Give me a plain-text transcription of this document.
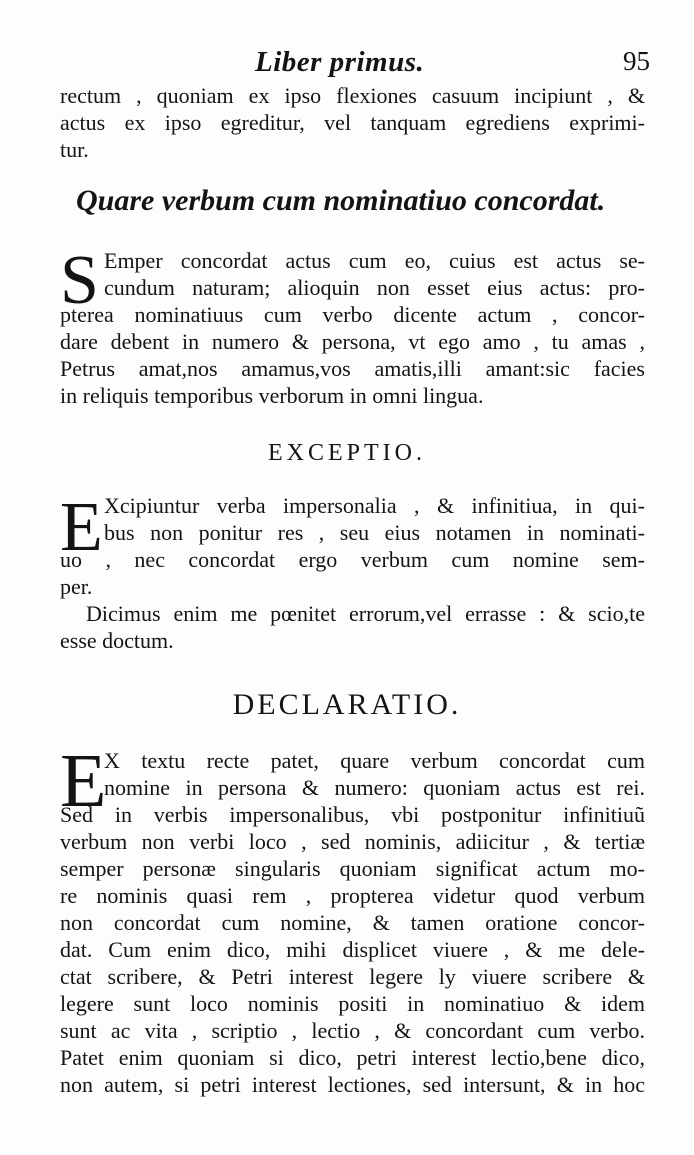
Liber primus.	95
rectum , quoniam ex ipso flexiones casuum incipiunt , &
actus ex ipso egreditur, vel tanquam egrediens exprimi-
tur.
Quare verbum cum nominatiuo concordat.
S Emper concordat actus cum eo, cuius est actus se-
cundum naturam; alioquin non esset eius actus: pro-
pterea nominatiuus cum verbo dicente actum , concor-
dare debent in numero & persona, vt ego amo , tu amas ,
Petrus amat,nos amamus,vos amatis,illi amant:sic facies
in reliquis temporibus verborum in omni lingua.
EXCEPTIO.
E Xcipiuntur verba impersonalia , & infinitiua, in qui-
bus non ponitur res , seu eius notamen in nominati-
uo , nec concordat ergo verbum cum nomine sem-
per.
Dicimus enim me pœnitet errorum,vel errasse : & scio,te
esse doctum.
DECLARATIO.
E
X textu recte patet, quare verbum concordat cum
nomine in persona & numero: quoniam actus est rei.
Sed in verbis impersonalibus, vbi postponitur infinitiuũ
verbum non verbi loco , sed nominis, adiicitur , & tertiæ
semper personæ singularis quoniam significat actum mo-
re nominis quasi rem , propterea videtur quod verbum
non concordat cum nomine, & tamen oratione concor-
dat. Cum enim dico, mihi displicet viuere , & me dele-
ctat scribere, & Petri interest legere ly viuere scribere &
legere sunt loco nominis positi in nominatiuo & idem
sunt ac vita , scriptio , lectio , & concordant cum verbo.
Patet enim quoniam si dico, petri interest lectio,bene dico,
non autem, si petri interest lectiones, sed intersunt, & in hoc
